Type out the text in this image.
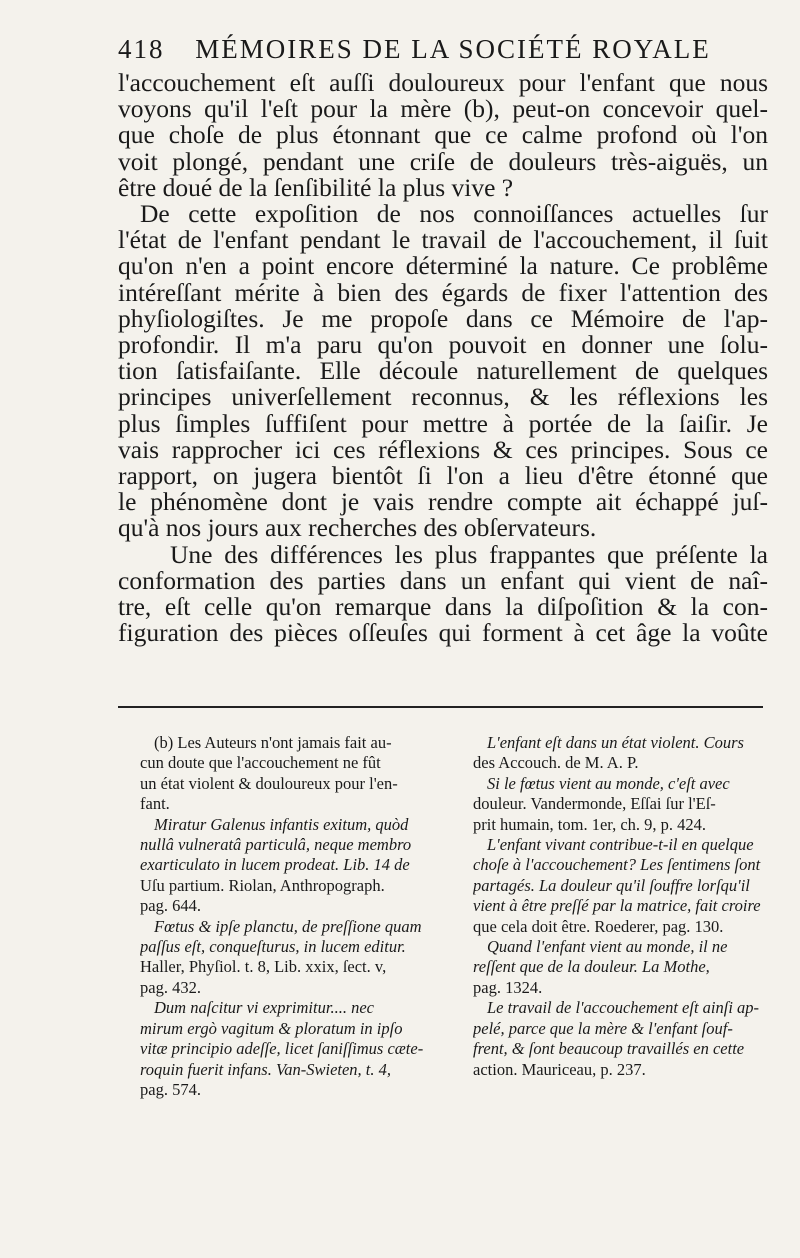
418 MÉMOIRES DE LA SOCIÉTÉ ROYALE
l'accouchement eſt auſſi douloureux pour l'enfant que nous
voyons qu'il l'eſt pour la mère (b), peut-on concevoir quel-
que choſe de plus étonnant que ce calme profond où l'on
voit plongé, pendant une criſe de douleurs très-aiguës, un
être doué de la ſenſibilité la plus vive ?
De cette expoſition de nos connoiſſances actuelles ſur
l'état de l'enfant pendant le travail de l'accouchement, il ſuit
qu'on n'en a point encore déterminé la nature. Ce problême
intéreſſant mérite à bien des égards de fixer l'attention des
phyſiologiſtes. Je me propoſe dans ce Mémoire de l'ap-
profondir. Il m'a paru qu'on pouvoit en donner une ſolu-
tion ſatisfaiſante. Elle découle naturellement de quelques
principes univerſellement reconnus, & les réflexions les
plus ſimples ſuffiſent pour mettre à portée de la ſaiſir. Je
vais rapprocher ici ces réflexions & ces principes. Sous ce
rapport, on jugera bientôt ſi l'on a lieu d'être étonné que
le phénomène dont je vais rendre compte ait échappé juſ-
qu'à nos jours aux recherches des obſervateurs.
Une des différences les plus frappantes que préſente la
conformation des parties dans un enfant qui vient de naî-
tre, eſt celle qu'on remarque dans la diſpoſition & la con-
figuration des pièces oſſeuſes qui forment à cet âge la voûte
(b) Les Auteurs n'ont jamais fait au-
cun doute que l'accouchement ne fût
un état violent & douloureux pour l'en-
fant.
Miratur Galenus infantis exitum, quòd
nullâ vulneratâ particulâ, neque membro
exarticulato in lucem prodeat. Lib. 14 de
Uſu partium. Riolan, Anthropograph.
pag. 644.
Fœtus & ipſe planctu, de preſſione quam
paſſus eſt, conqueſturus, in lucem editur.
Haller, Phyſiol. t. 8, Lib. xxix, ſect. v,
pag. 432.
Dum naſcitur vi exprimitur.... nec
mirum ergò vagitum & ploratum in ipſo
vitæ principio adeſſe, licet ſaniſſimus cæte-
roquin fuerit infans. Van-Swieten, t. 4,
pag. 574.
L'enfant eſt dans un état violent. Cours
des Accouch. de M. A. P.
Si le fœtus vient au monde, c'eſt avec
douleur. Vandermonde, Eſſai ſur l'Eſ-
prit humain, tom. 1er, ch. 9, p. 424.
L'enfant vivant contribue-t-il en quelque
choſe à l'accouchement? Les ſentimens ſont
partagés. La douleur qu'il ſouffre lorſqu'il
vient à être preſſé par la matrice, fait croire
que cela doit être. Roederer, pag. 130.
Quand l'enfant vient au monde, il ne
reſſent que de la douleur. La Mothe,
pag. 1324.
Le travail de l'accouchement eſt ainſi ap-
pelé, parce que la mère & l'enfant ſouf-
frent, & ſont beaucoup travaillés en cette
action. Mauriceau, p. 237.
